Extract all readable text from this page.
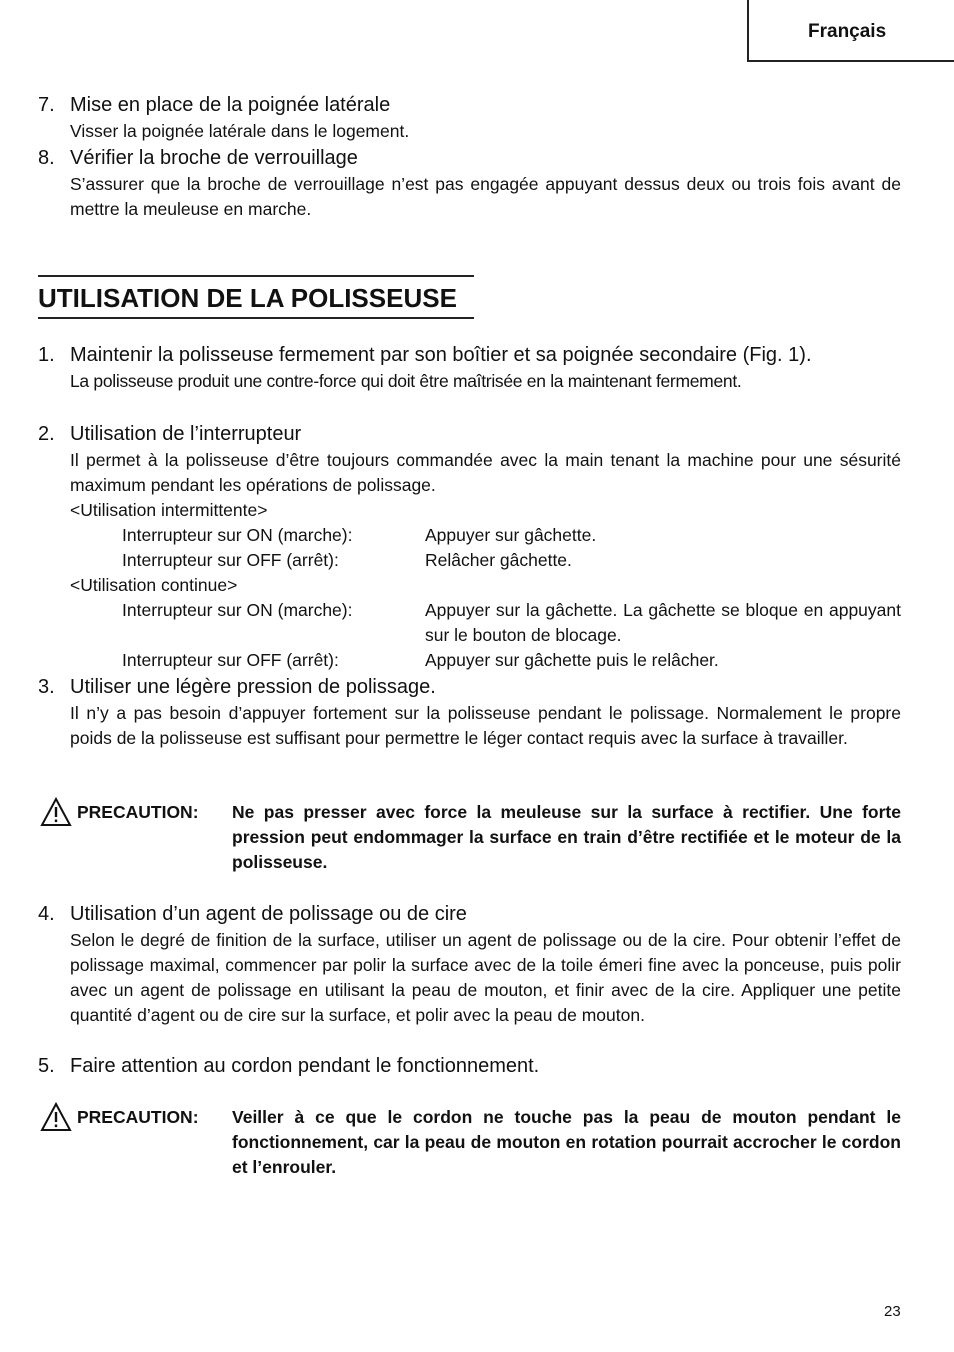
Français
7. Mise en place de la poignée latérale
Visser la poignée latérale dans le logement.
8. Vérifier la broche de verrouillage
S’assurer que la broche de verrouillage n’est pas engagée appuyant dessus deux ou trois fois avant de mettre la meuleuse en marche.
UTILISATION DE LA POLISSEUSE
1. Maintenir la polisseuse fermement par son boîtier et sa poignée secondaire (Fig. 1).
La polisseuse produit une contre-force qui doit être maîtrisée en la maintenant fermement.
2. Utilisation de l’interrupteur
Il permet à la polisseuse d’être toujours commandée avec la main tenant la machine pour une sésurité maximum pendant les opérations de polissage.
<Utilisation intermittente>
Interrupteur sur ON (marche):	Appuyer sur gâchette.
Interrupteur sur OFF (arrêt):	Relâcher gâchette.
<Utilisation continue>
Interrupteur sur ON (marche):	Appuyer sur la gâchette. La gâchette se bloque en appuyant sur le bouton de blocage.
Interrupteur sur OFF (arrêt):	Appuyer sur gâchette puis le relâcher.
3. Utiliser une légère pression de polissage.
Il n’y a pas besoin d’appuyer fortement sur la polisseuse pendant le polissage. Normalement le propre poids de la polisseuse est suffisant pour permettre le léger contact requis avec la surface à travailler.
PRECAUTION: Ne pas presser avec force la meuleuse sur la surface à rectifier. Une forte pression peut endommager la surface en train d’être rectifiée et le moteur de la polisseuse.
4. Utilisation d’un agent de polissage ou de cire
Selon le degré de finition de la surface, utiliser un agent de polissage ou de la cire. Pour obtenir l’effet de polissage maximal, commencer par polir la surface avec de la toile émeri fine avec la ponceuse, puis polir avec un agent de polissage en utilisant la peau de mouton, et finir avec de la cire. Appliquer une petite quantité d’agent ou de cire sur la surface, et polir avec la peau de mouton.
5. Faire attention au cordon pendant le fonctionnement.
PRECAUTION: Veiller à ce que le cordon ne touche pas la peau de mouton pendant le fonctionnement, car la peau de mouton en rotation pourrait accrocher le cordon et l’enrouler.
23
